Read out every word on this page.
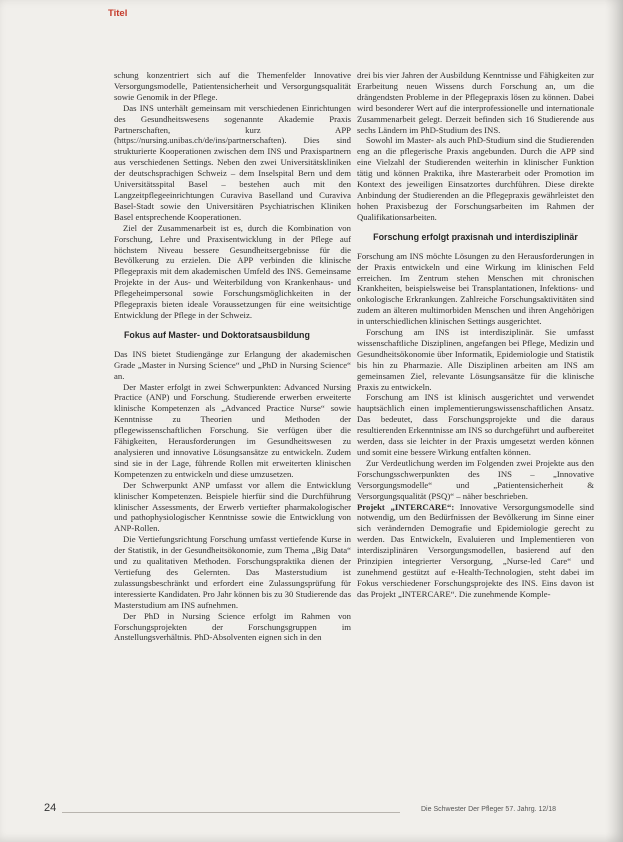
Titel

schung konzentriert sich auf die Themenfelder Innovative Versorgungsmodelle, Patientensicherheit und Versorgungsqualität sowie Genomik in der Pflege.

Das INS unterhält gemeinsam mit verschiedenen Einrichtungen des Gesundheitswesens sogenannte Akademie Praxis Partnerschaften, kurz APP (https://nursing.unibas.ch/de/ins/partnerschaften). Dies sind strukturierte Kooperationen zwischen dem INS und Praxispartnern aus verschiedenen Settings. Neben den zwei Universitätskliniken der deutschsprachigen Schweiz – dem Inselspital Bern und dem Universitätsspital Basel – bestehen auch mit den Langzeitpflegeeinrichtungen Curaviva Baselland und Curaviva Basel-Stadt sowie den Universitären Psychiatrischen Kliniken Basel entsprechende Kooperationen.

Ziel der Zusammenarbeit ist es, durch die Kombination von Forschung, Lehre und Praxisentwicklung in der Pflege auf höchstem Niveau bessere Gesundheitsergebnisse für die Bevölkerung zu erzielen. Die APP verbinden die klinische Pflegepraxis mit dem akademischen Umfeld des INS. Gemeinsame Projekte in der Aus- und Weiterbildung von Krankenhaus- und Pflegeheimpersonal sowie Forschungsmöglichkeiten in der Pflegepraxis bieten ideale Voraussetzungen für eine weitsichtige Entwicklung der Pflege in der Schweiz.

Fokus auf Master- und Doktoratsausbildung

Das INS bietet Studiengänge zur Erlangung der akademischen Grade „Master in Nursing Science“ und „PhD in Nursing Science“ an.

Der Master erfolgt in zwei Schwerpunkten: Advanced Nursing Practice (ANP) und Forschung. Studierende erwerben erweiterte klinische Kompetenzen als „Advanced Practice Nurse“ sowie Kenntnisse zu Theorien und Methoden der pflegewissenschaftlichen Forschung. Sie verfügen über die Fähigkeiten, Herausforderungen im Gesundheitswesen zu analysieren und innovative Lösungsansätze zu entwickeln. Zudem sind sie in der Lage, führende Rollen mit erweiterten klinischen Kompetenzen zu entwickeln und diese umzusetzen.

Der Schwerpunkt ANP umfasst vor allem die Entwicklung klinischer Kompetenzen. Beispiele hierfür sind die Durchführung klinischer Assessments, der Erwerb vertiefter pharmakologischer und pathophysiologischer Kenntnisse sowie die Entwicklung von ANP-Rollen.

Die Vertiefungsrichtung Forschung umfasst vertiefende Kurse in der Statistik, in der Gesundheitsökonomie, zum Thema „Big Data“ und zu qualitativen Methoden. Forschungspraktika dienen der Vertiefung des Gelernten. Das Masterstudium ist zulassungsbeschränkt und erfordert eine Zulassungsprüfung für interessierte Kandidaten. Pro Jahr können bis zu 30 Studierende das Masterstudium am INS aufnehmen.

Der PhD in Nursing Science erfolgt im Rahmen von Forschungsprojekten der Forschungsgruppen im Anstellungsverhältnis. PhD-Absolventen eignen sich in den

drei bis vier Jahren der Ausbildung Kenntnisse und Fähigkeiten zur Erarbeitung neuen Wissens durch Forschung an, um die drängendsten Probleme in der Pflegepraxis lösen zu können. Dabei wird besonderer Wert auf die interprofessionelle und internationale Zusammenarbeit gelegt. Derzeit befinden sich 16 Studierende aus sechs Ländern im PhD-Studium des INS.

Sowohl im Master- als auch PhD-Studium sind die Studierenden eng an die pflegerische Praxis angebunden. Durch die APP sind eine Vielzahl der Studierenden weiterhin in klinischer Funktion tätig und können Praktika, ihre Masterarbeit oder Promotion im Kontext des jeweiligen Einsatzortes durchführen. Diese direkte Anbindung der Studierenden an die Pflegepraxis gewährleistet den hohen Praxisbezug der Forschungsarbeiten im Rahmen der Qualifikationsarbeiten.

Forschung erfolgt praxisnah und interdisziplinär

Forschung am INS möchte Lösungen zu den Herausforderungen in der Praxis entwickeln und eine Wirkung im klinischen Feld erreichen. Im Zentrum stehen Menschen mit chronischen Krankheiten, beispielsweise bei Transplantationen, Infektions- und onkologische Erkrankungen. Zahlreiche Forschungsaktivitäten sind zudem an älteren multimorbiden Menschen und ihren Angehörigen in unterschiedlichen klinischen Settings ausgerichtet.

Forschung am INS ist interdisziplinär. Sie umfasst wissenschaftliche Disziplinen, angefangen bei Pflege, Medizin und Gesundheitsökonomie über Informatik, Epidemiologie und Statistik bis hin zu Pharmazie. Alle Disziplinen arbeiten am INS am gemeinsamen Ziel, relevante Lösungsansätze für die klinische Praxis zu entwickeln.

Forschung am INS ist klinisch ausgerichtet und verwendet hauptsächlich einen implementierungswissenschaftlichen Ansatz. Das bedeutet, dass Forschungsprojekte und die daraus resultierenden Erkenntnisse am INS so durchgeführt und aufbereitet werden, dass sie leichter in der Praxis umgesetzt werden können und somit eine bessere Wirkung entfalten können.

Zur Verdeutlichung werden im Folgenden zwei Projekte aus den Forschungsschwerpunkten des INS – „Innovative Versorgungsmodelle“ und „Patientensicherheit & Versorgungsqualität (PSQ)“ – näher beschrieben.

Projekt „INTERCARE“: Innovative Versorgungsmodelle sind notwendig, um den Bedürfnissen der Bevölkerung im Sinne einer sich verändernden Demografie und Epidemiologie gerecht zu werden. Das Entwickeln, Evaluieren und Implementieren von interdisziplinären Versorgungsmodellen, basierend auf den Prinzipien integrierter Versorgung, „Nurse-led Care“ und zunehmend gestützt auf e-Health-Technologien, steht dabei im Fokus verschiedener Forschungsprojekte des INS. Eins davon ist das Projekt „INTERCARE“. Die zunehmende Komple-

24	Die Schwester Der Pfleger 57. Jahrg. 12/18
